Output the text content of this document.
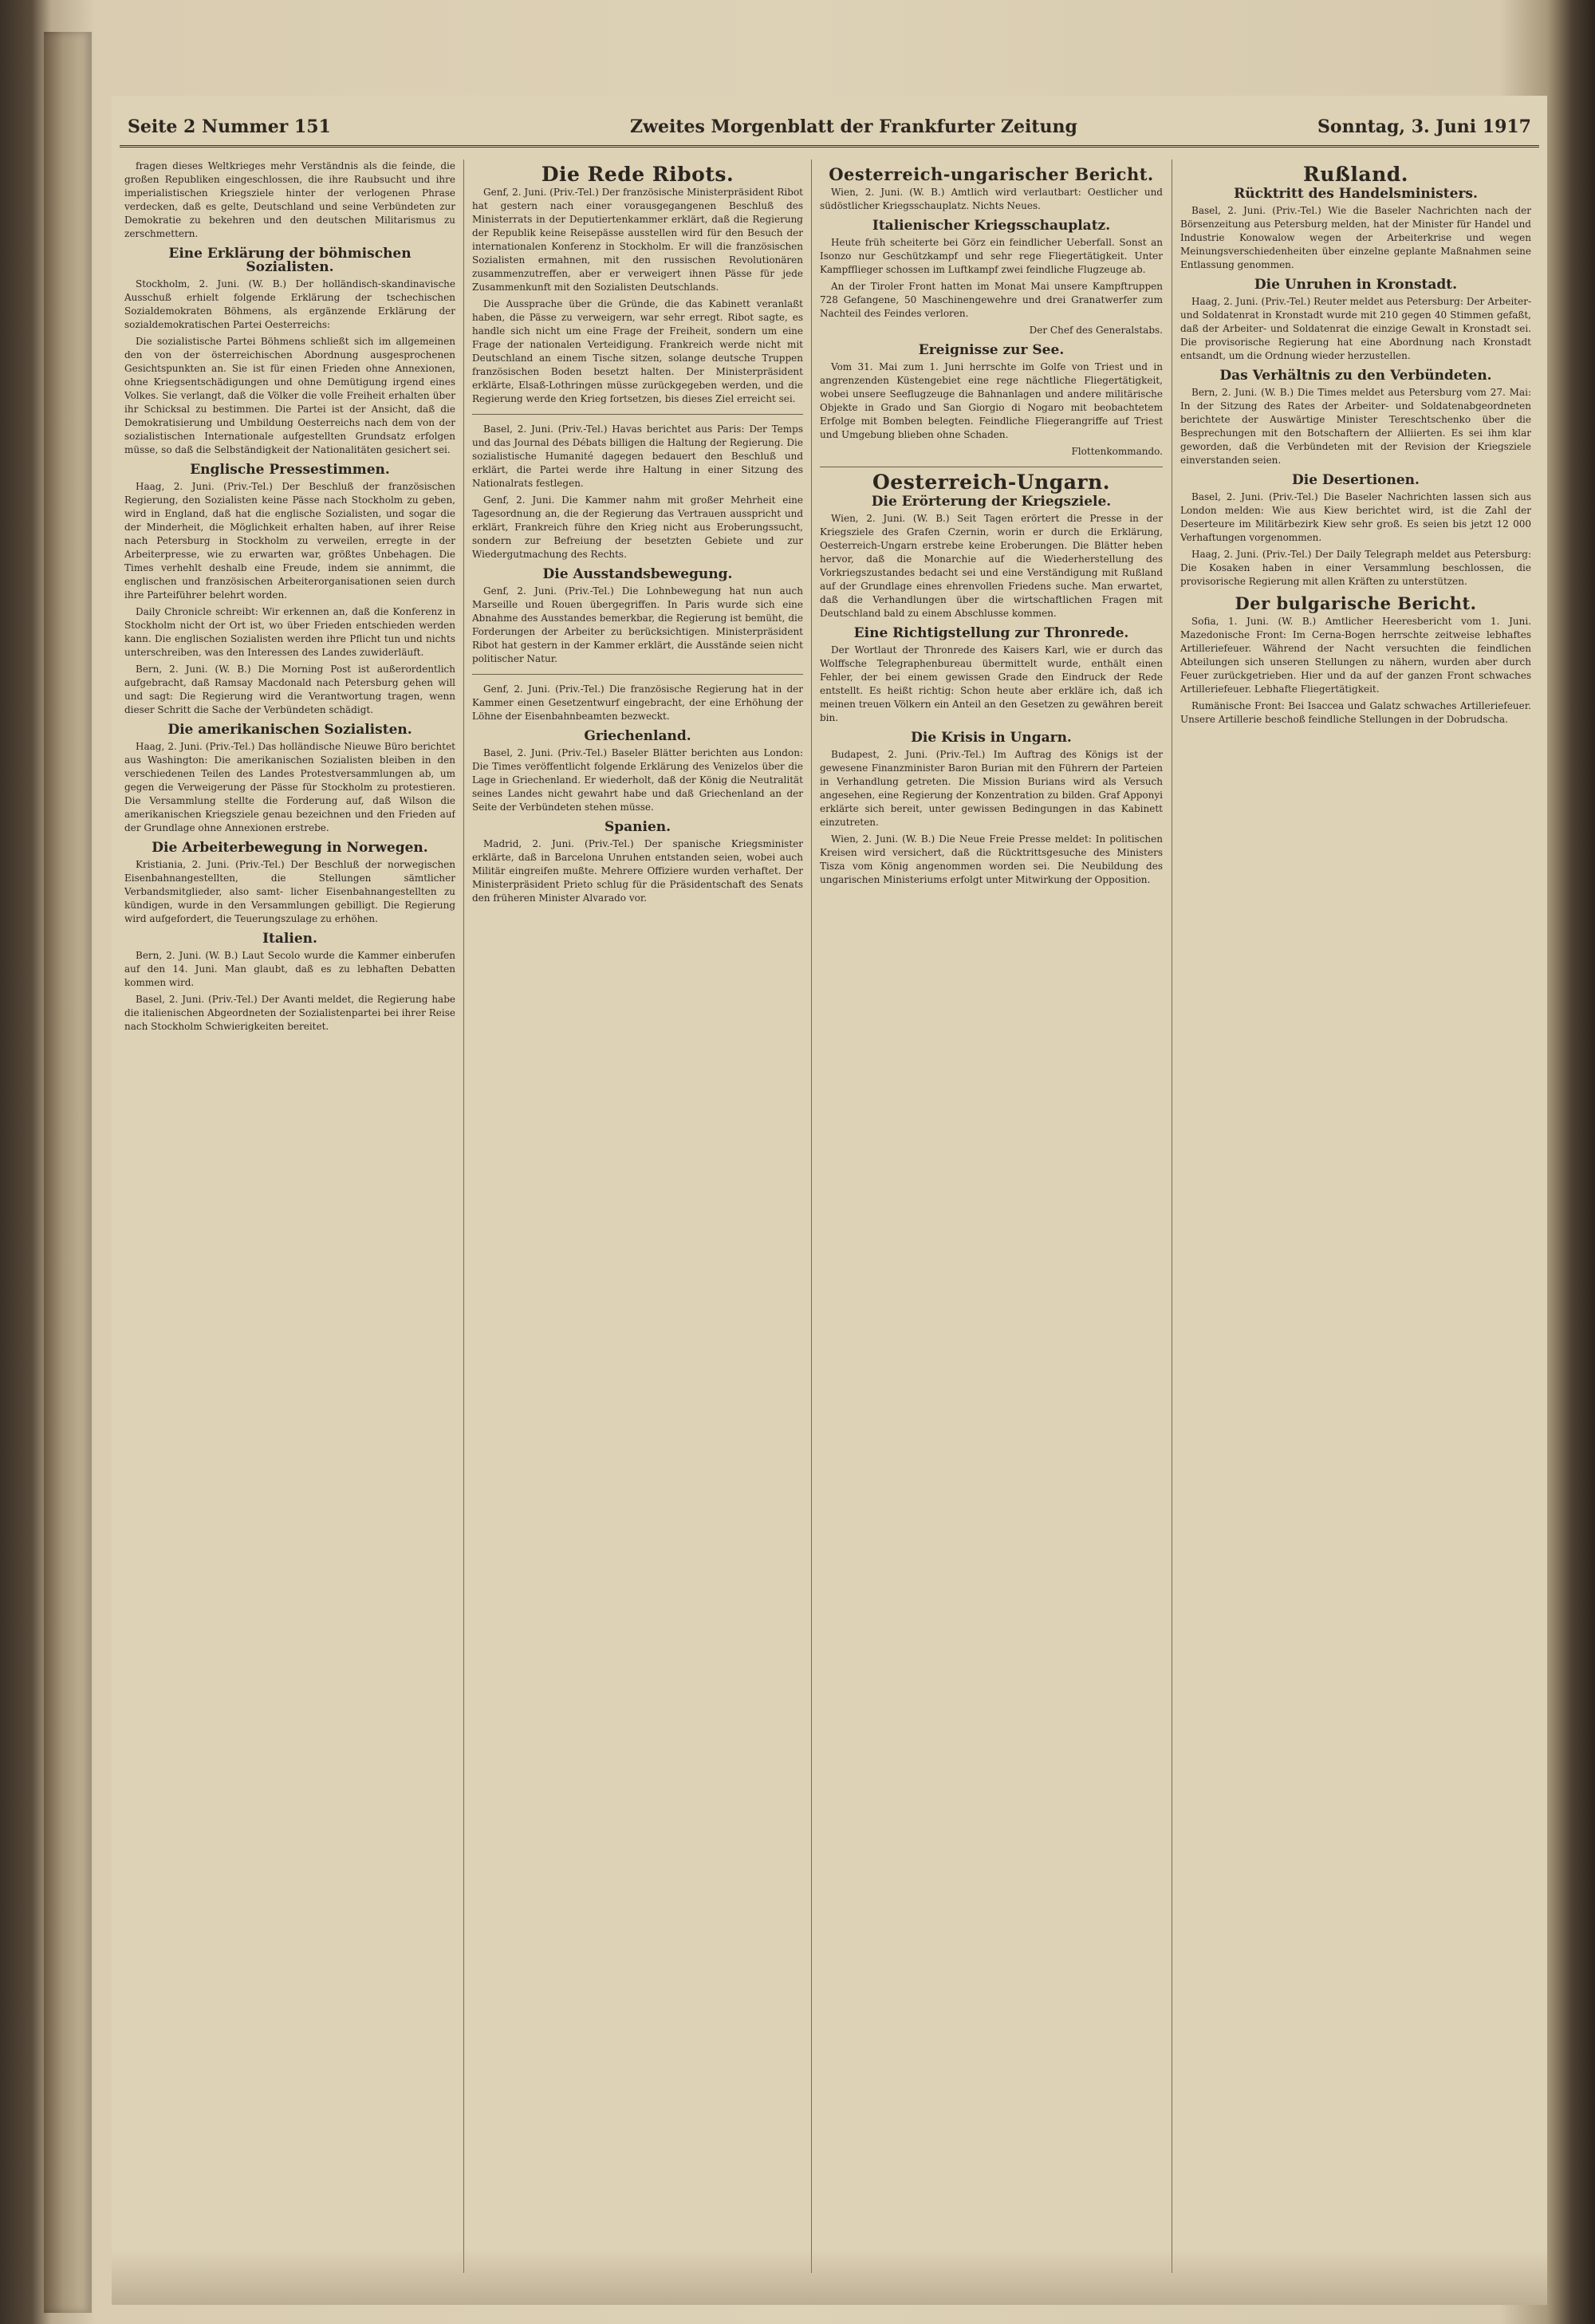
Seite 2 Nummer 151	Zweites Morgenblatt der Frankfurter Zeitung	Sonntag, 3. Juni 1917

fragen dieses Weltkrieges mehr Verständnis als die feinde, die großen Republiken eingeschlossen, die ihre Raubsucht und ihre imperialistischen Kriegsziele hinter der verlogenen Phrase verdecken, daß es gelte, Deutschland und seine Verbündeten zur Demokratie zu bekehren und den deutschen Militarismus zu zerschmettern.

Eine Erklärung der böhmischen Sozialisten.

Stockholm, 2. Juni. (W. B.) Der holländisch-skandinavische Ausschuß erhielt folgende Erklärung der tschechischen Sozialdemokraten Böhmens, als ergänzende Erklärung der sozialdemokratischen Partei Oesterreichs:

Die sozialistische Partei Böhmens schließt sich im allgemeinen den von der österreichischen Abordnung ausgesprochenen Gesichtspunkten an. Sie ist für einen Frieden ohne Annexionen, ohne Kriegsentschädigungen und ohne Demütigung irgend eines Volkes. Sie verlangt, daß die Völker die volle Freiheit erhalten über ihr Schicksal zu bestimmen. Die Partei ist der Ansicht, daß die Demokratisierung und Umbildung Oesterreichs nach dem von der sozialistischen Internationale aufgestellten Grundsatz erfolgen müsse, so daß die Selbständigkeit der Nationalitäten gesichert sei.

Englische Pressestimmen.

Haag, 2. Juni. (Priv.-Tel.) Der Beschluß der französischen Regierung, den Sozialisten keine Pässe nach Stockholm zu geben, wird in England, daß hat die englische Sozialisten, und sogar die der Minderheit, die Möglichkeit erhalten haben, auf ihrer Reise nach Petersburg in Stockholm zu verweilen, erregte in der Arbeiterpresse, wie zu erwarten war, größtes Unbehagen. Die Times verhehlt deshalb eine Freude, indem sie annimmt, die englischen und französischen Arbeiterorganisationen seien durch ihre Parteiführer belehrt worden.

Daily Chronicle schreibt: Wir erkennen an, daß die Konferenz in Stockholm nicht der Ort ist, wo über Frieden entschieden werden kann. Die englischen Sozialisten werden ihre Pflicht tun und nichts unterschreiben, was den Interessen des Landes zuwiderläuft.

Bern, 2. Juni. (W. B.) Die Morning Post ist außerordentlich aufgebracht, daß Ramsay Macdonald nach Petersburg gehen will und sagt: Die Regierung wird die Verantwortung tragen, wenn dieser Schritt die Sache der Verbündeten schädigt.

Die amerikanischen Sozialisten.

Haag, 2. Juni. (Priv.-Tel.) Das holländische Nieuwe Büro berichtet aus Washington: Die amerikanischen Sozialisten bleiben in den verschiedenen Teilen des Landes Protestversammlungen ab, um gegen die Verweigerung der Pässe für Stockholm zu protestieren. Die Versammlung stellte die Forderung auf, daß Wilson die amerikanischen Kriegsziele genau bezeichnen und den Frieden auf der Grundlage ohne Annexionen erstrebe.

Die Arbeiterbewegung in Norwegen.

Kristiania, 2. Juni. (Priv.-Tel.) Der Beschluß der norwegischen Eisenbahnangestellten, die Stellungen sämtlicher Verbandsmitglieder, also samt- licher Eisenbahnangestellten zu kündigen, wurde in den Versammlungen gebilligt. Die Regierung wird aufgefordert, die Teuerungszulage zu erhöhen.

Italien.

Bern, 2. Juni. (W. B.) Laut Secolo wurde die Kammer einberufen auf den 14. Juni. Man glaubt, daß es zu lebhaften Debatten kommen wird.

Basel, 2. Juni. (Priv.-Tel.) Der Avanti meldet, die Regierung habe die italienischen Abgeordneten der Sozialistenpartei bei ihrer Reise nach Stockholm Schwierigkeiten bereitet.

Die Rede Ribots.

Genf, 2. Juni. (Priv.-Tel.) Der französische Ministerpräsident Ribot hat gestern nach einer vorausgegangenen Beschluß des Ministerrats in der Deputiertenkammer erklärt, daß die Regierung der Republik keine Reisepässe ausstellen wird für den Besuch der internationalen Konferenz in Stockholm. Er will die französischen Sozialisten ermahnen, mit den russischen Revolutionären zusammenzutreffen, aber er verweigert ihnen Pässe für jede Zusammenkunft mit den Sozialisten Deutschlands.

Die Aussprache über die Gründe, die das Kabinett veranlaßt haben, die Pässe zu verweigern, war sehr erregt. Ribot sagte, es handle sich nicht um eine Frage der Freiheit, sondern um eine Frage der nationalen Verteidigung. Frankreich werde nicht mit Deutschland an einem Tische sitzen, solange deutsche Truppen französischen Boden besetzt halten. Der Ministerpräsident erklärte, Elsaß-Lothringen müsse zurückgegeben werden, und die Regierung werde den Krieg fortsetzen, bis dieses Ziel erreicht sei.

Basel, 2. Juni. (Priv.-Tel.) Havas berichtet aus Paris: Der Temps und das Journal des Débats billigen die Haltung der Regierung. Die sozialistische Humanité dagegen bedauert den Beschluß und erklärt, die Partei werde ihre Haltung in einer Sitzung des Nationalrats festlegen.

Genf, 2. Juni. Die Kammer nahm mit großer Mehrheit eine Tagesordnung an, die der Regierung das Vertrauen ausspricht und erklärt, Frankreich führe den Krieg nicht aus Eroberungssucht, sondern zur Befreiung der besetzten Gebiete und zur Wiedergutmachung des Rechts.

Die Ausstandsbewegung.

Genf, 2. Juni. (Priv.-Tel.) Die Lohnbewegung hat nun auch Marseille und Rouen übergegriffen. In Paris wurde sich eine Abnahme des Ausstandes bemerkbar, die Regierung ist bemüht, die Forderungen der Arbeiter zu berücksichtigen. Ministerpräsident Ribot hat gestern in der Kammer erklärt, die Ausstände seien nicht politischer Natur.

Genf, 2. Juni. (Priv.-Tel.) Die französische Regierung hat in der Kammer einen Gesetzentwurf eingebracht, der eine Erhöhung der Löhne der Eisenbahnbeamten bezweckt.

Griechenland.

Basel, 2. Juni. (Priv.-Tel.) Baseler Blätter berichten aus London: Die Times veröffentlicht folgende Erklärung des Venizelos über die Lage in Griechenland. Er wiederholt, daß der König die Neutralität seines Landes nicht gewahrt habe und daß Griechenland an der Seite der Verbündeten stehen müsse.

Spanien.

Madrid, 2. Juni. (Priv.-Tel.) Der spanische Kriegsminister erklärte, daß in Barcelona Unruhen entstanden seien, wobei auch Militär eingreifen mußte. Mehrere Offiziere wurden verhaftet. Der Ministerpräsident Prieto schlug für die Präsidentschaft des Senats den früheren Minister Alvarado vor.

Oesterreich-ungarischer Bericht.

Wien, 2. Juni. (W. B.) Amtlich wird verlautbart: Oestlicher und südöstlicher Kriegsschauplatz. Nichts Neues.

Italienischer Kriegsschauplatz.

Heute früh scheiterte bei Görz ein feindlicher Ueberfall. Sonst an Isonzo nur Geschützkampf und sehr rege Fliegertätigkeit. Unter Kampfflieger schossen im Luftkampf zwei feindliche Flugzeuge ab.

An der Tiroler Front hatten im Monat Mai unsere Kampftruppen 728 Gefangene, 50 Maschinengewehre und drei Granatwerfer zum Nachteil des Feindes verloren.

Der Chef des Generalstabs.

Ereignisse zur See.

Vom 31. Mai zum 1. Juni herrschte im Golfe von Triest und in angrenzenden Küstengebiet eine rege nächtliche Fliegertätigkeit, wobei unsere Seeflugzeuge die Bahnanlagen und andere militärische Objekte in Grado und San Giorgio di Nogaro mit beobachtetem Erfolge mit Bomben belegten. Feindliche Fliegerangriffe auf Triest und Umgebung blieben ohne Schaden.

Flottenkommando.

Oesterreich-Ungarn.
Die Erörterung der Kriegsziele.

Wien, 2. Juni. (W. B.) Seit Tagen erörtert die Presse in der Kriegsziele des Grafen Czernin, worin er durch die Erklärung, Oesterreich-Ungarn erstrebe keine Eroberungen. Die Blätter heben hervor, daß die Monarchie auf die Wiederherstellung des Vorkriegszustandes bedacht sei und eine Verständigung mit Rußland auf der Grundlage eines ehrenvollen Friedens suche. Man erwartet, daß die Verhandlungen über die wirtschaftlichen Fragen mit Deutschland bald zu einem Abschlusse kommen.

Eine Richtigstellung zur Thronrede.

Der Wortlaut der Thronrede des Kaisers Karl, wie er durch das Wolffsche Telegraphenbureau übermittelt wurde, enthält einen Fehler, der bei einem gewissen Grade den Eindruck der Rede entstellt. Es heißt richtig: Schon heute aber erkläre ich, daß ich meinen treuen Völkern ein Anteil an den Gesetzen zu gewähren bereit bin.

Die Krisis in Ungarn.

Budapest, 2. Juni. (Priv.-Tel.) Im Auftrag des Königs ist der gewesene Finanzminister Baron Burian mit den Führern der Parteien in Verhandlung getreten. Die Mission Burians wird als Versuch angesehen, eine Regierung der Konzentration zu bilden. Graf Apponyi erklärte sich bereit, unter gewissen Bedingungen in das Kabinett einzutreten.

Wien, 2. Juni. (W. B.) Die Neue Freie Presse meldet: In politischen Kreisen wird versichert, daß die Rücktrittsgesuche des Ministers Tisza vom König angenommen worden sei. Die Neubildung des ungarischen Ministeriums erfolgt unter Mitwirkung der Opposition.

Rußland.
Rücktritt des Handelsministers.

Basel, 2. Juni. (Priv.-Tel.) Wie die Baseler Nachrichten nach der Börsenzeitung aus Petersburg melden, hat der Minister für Handel und Industrie Konowalow wegen der Arbeiterkrise und wegen Meinungsverschiedenheiten über einzelne geplante Maßnahmen seine Entlassung genommen.

Die Unruhen in Kronstadt.

Haag, 2. Juni. (Priv.-Tel.) Reuter meldet aus Petersburg: Der Arbeiter- und Soldatenrat in Kronstadt wurde mit 210 gegen 40 Stimmen gefaßt, daß der Arbeiter- und Soldatenrat die einzige Gewalt in Kronstadt sei. Die provisorische Regierung hat eine Abordnung nach Kronstadt entsandt, um die Ordnung wieder herzustellen.

Das Verhältnis zu den Verbündeten.

Bern, 2. Juni. (W. B.) Die Times meldet aus Petersburg vom 27. Mai: In der Sitzung des Rates der Arbeiter- und Soldatenabgeordneten berichtete der Auswärtige Minister Tereschtschenko über die Besprechungen mit den Botschaftern der Alliierten. Es sei ihm klar geworden, daß die Verbündeten mit der Revision der Kriegsziele einverstanden seien.

Die Desertionen.

Basel, 2. Juni. (Priv.-Tel.) Die Baseler Nachrichten lassen sich aus London melden: Wie aus Kiew berichtet wird, ist die Zahl der Deserteure im Militärbezirk Kiew sehr groß. Es seien bis jetzt 12 000 Verhaftungen vorgenommen.

Haag, 2. Juni. (Priv.-Tel.) Der Daily Telegraph meldet aus Petersburg: Die Kosaken haben in einer Versammlung beschlossen, die provisorische Regierung mit allen Kräften zu unterstützen.

Der bulgarische Bericht.

Sofia, 1. Juni. (W. B.) Amtlicher Heeresbericht vom 1. Juni. Mazedonische Front: Im Cerna-Bogen herrschte zeitweise lebhaftes Artilleriefeuer. Während der Nacht versuchten die feindlichen Abteilungen sich unseren Stellungen zu nähern, wurden aber durch Feuer zurückgetrieben. Hier und da auf der ganzen Front schwaches Artilleriefeuer. Lebhafte Fliegertätigkeit.

Rumänische Front: Bei Isaccea und Galatz schwaches Artilleriefeuer. Unsere Artillerie beschoß feindliche Stellungen in der Dobrudscha.
